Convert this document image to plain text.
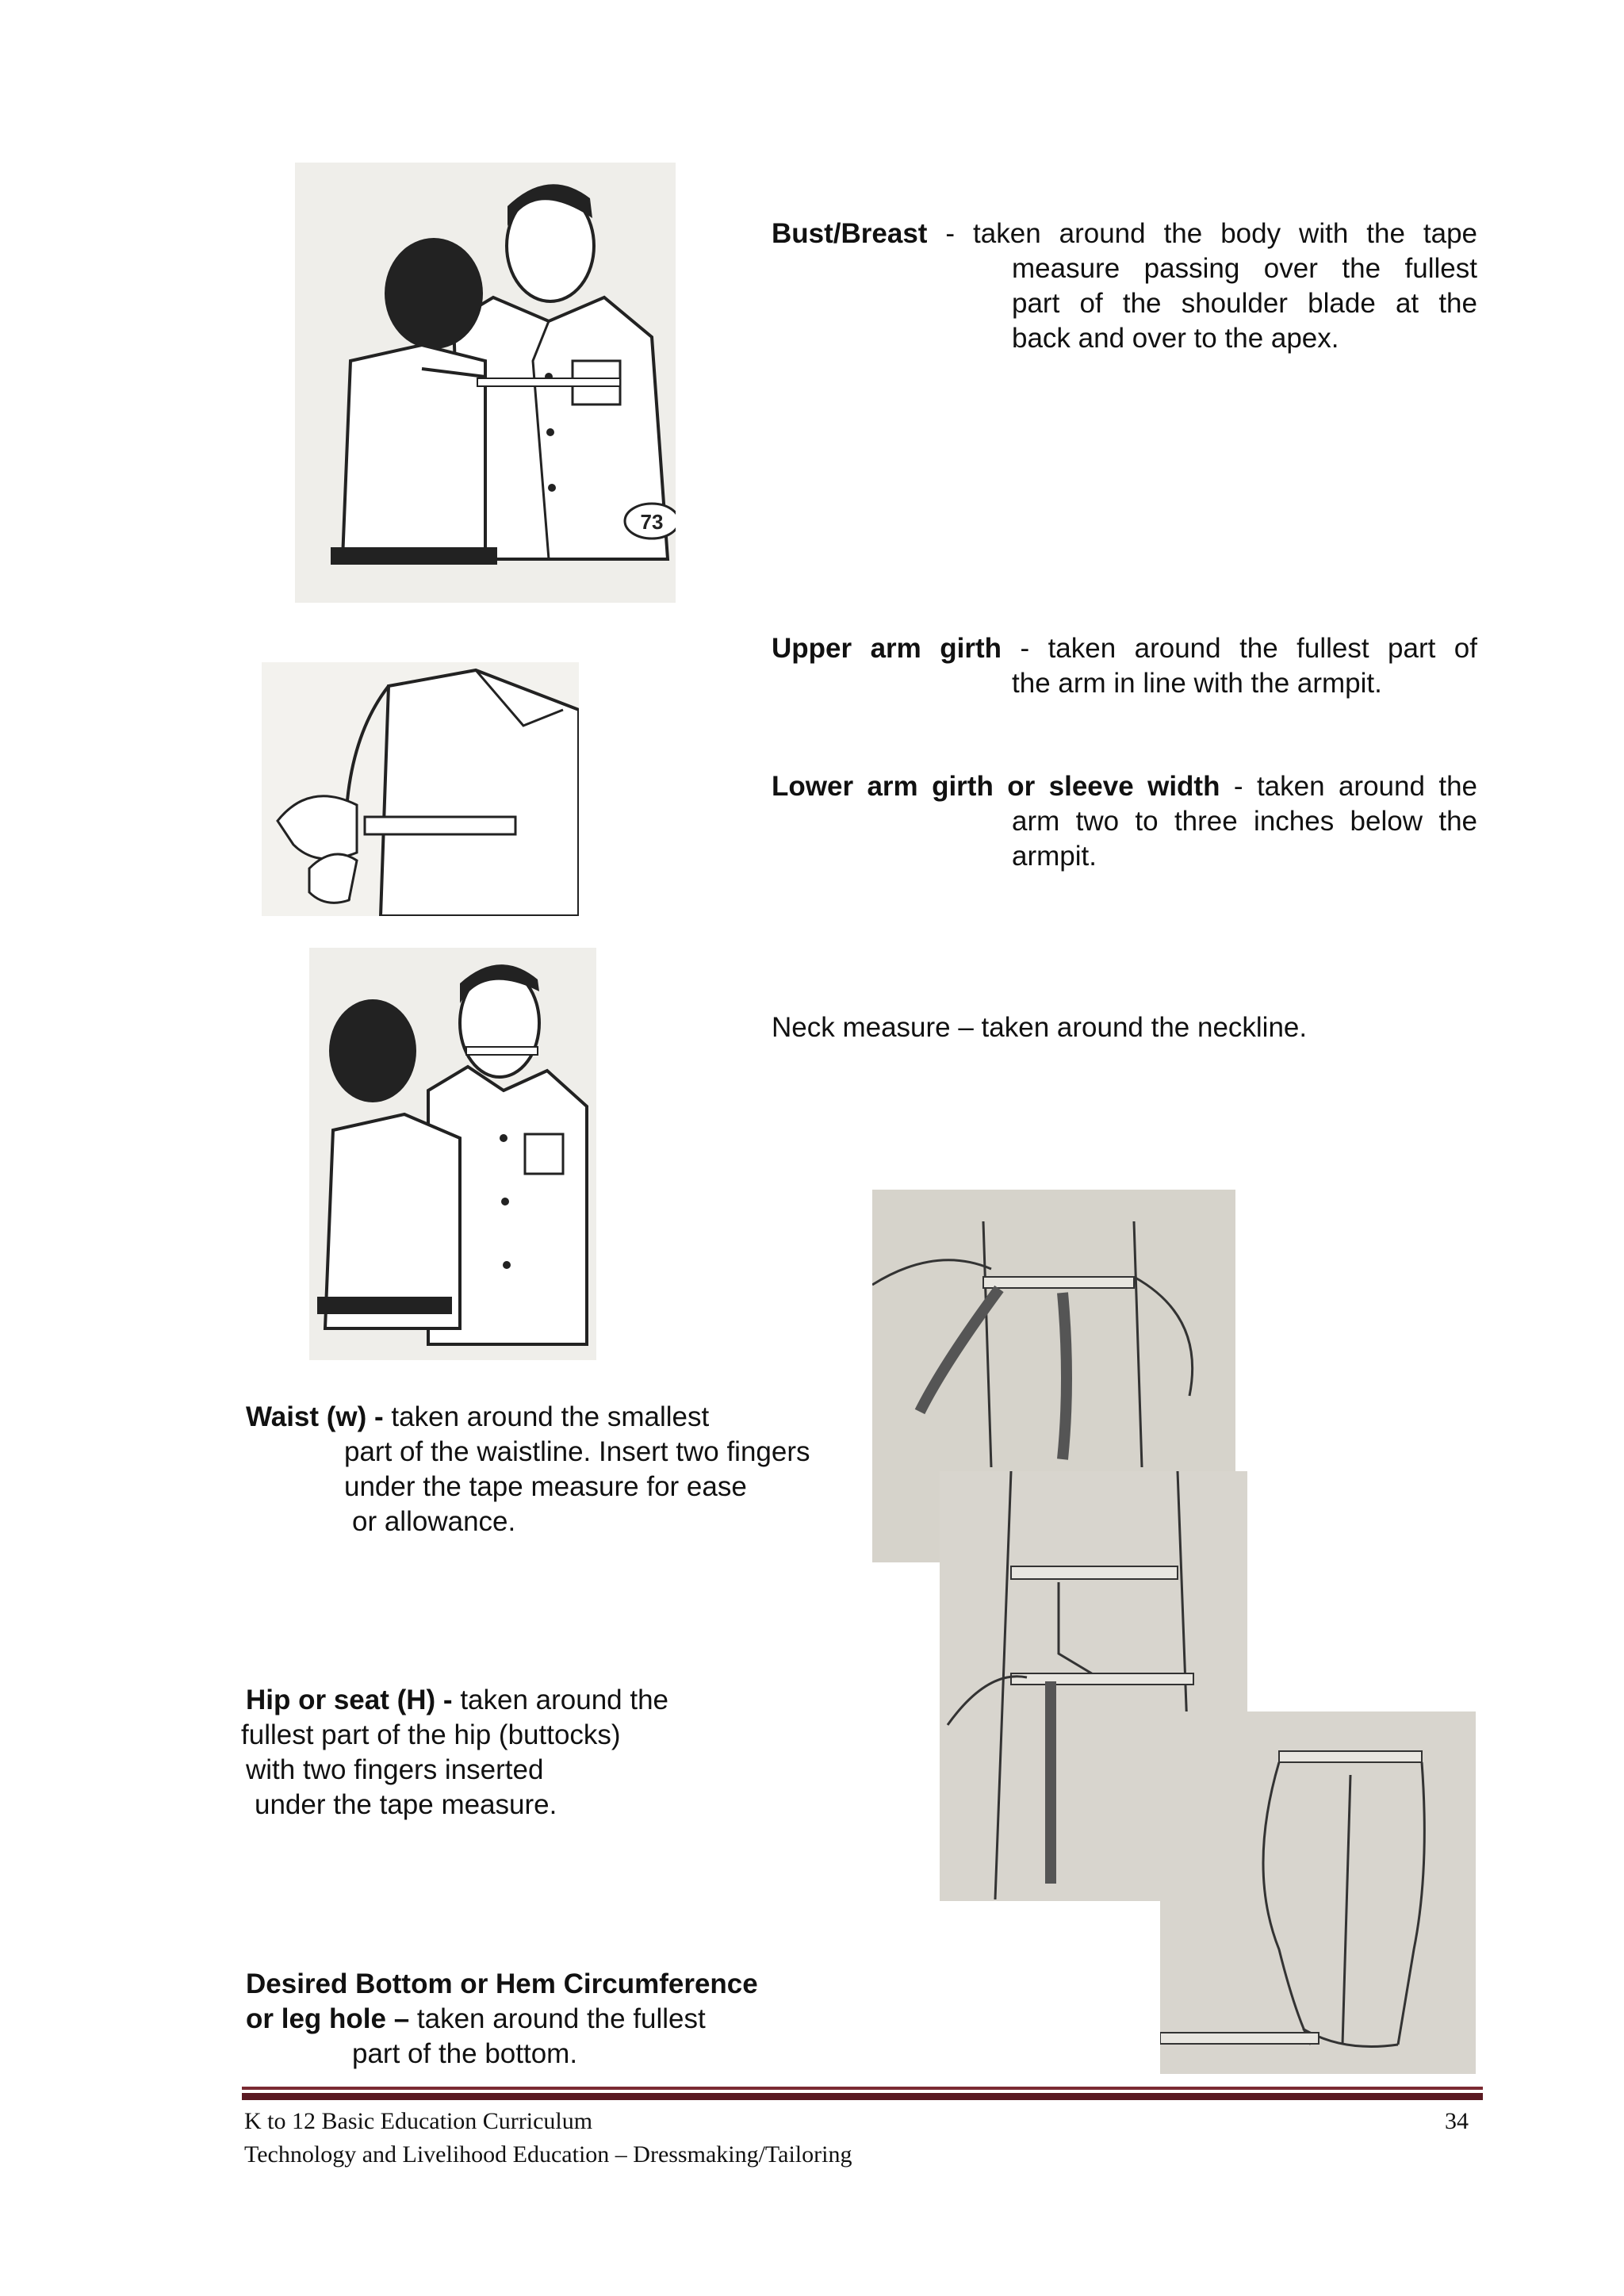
73
Bust/Breast - taken around the body with the tape
measure passing over the fullest
part of the shoulder blade at the
back and over to the apex.
Upper arm girth - taken around the fullest part of
the arm in line with the armpit.
Lower arm girth or sleeve width - taken around the
arm two to three inches below the
armpit.
Neck measure – taken around the neckline.
Waist (w) - taken around the smallest
part of the waistline. Insert two fingers
under the tape measure for ease
or allowance.
Hip or seat (H) - taken around the
fullest part of the hip (buttocks)
with two fingers inserted
under the tape measure.
Desired Bottom or Hem Circumference
or leg hole – taken around the fullest
part of the bottom.
K to 12 Basic Education Curriculum
Technology and Livelihood Education – Dressmaking/Tailoring
34
